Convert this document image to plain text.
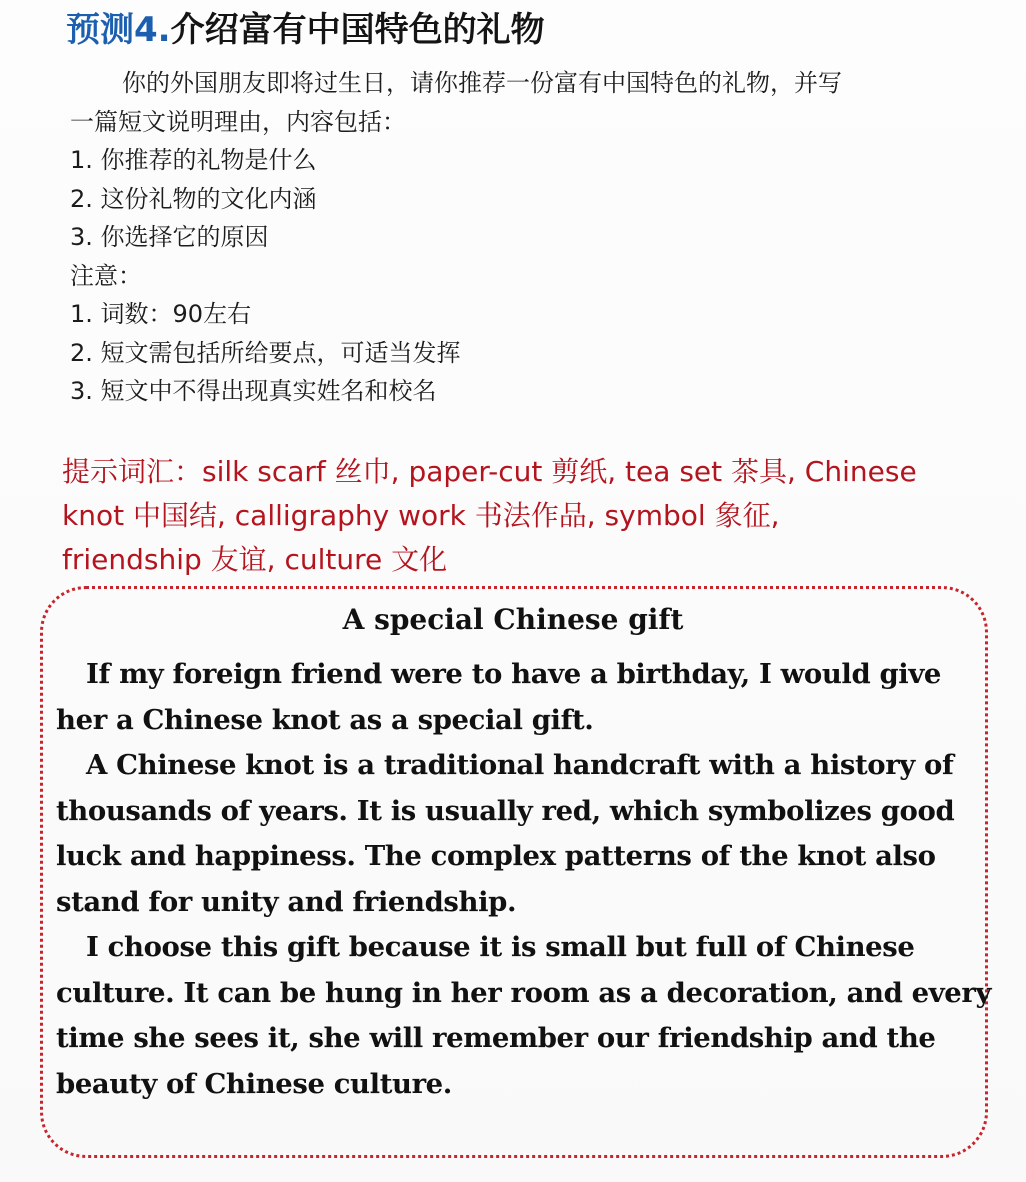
预测4.介绍富有中国特色的礼物
你的外国朋友即将过生日，请你推荐一份富有中国特色的礼物，并写
一篇短文说明理由，内容包括：
1. 你推荐的礼物是什么
2. 这份礼物的文化内涵
3. 你选择它的原因
注意：
1. 词数：90左右
2. 短文需包括所给要点，可适当发挥
3. 短文中不得出现真实姓名和校名
提示词汇：silk scarf 丝巾, paper-cut 剪纸, tea set 茶具, Chinese
knot 中国结, calligraphy work 书法作品, symbol 象征,
friendship 友谊, culture 文化
A special Chinese gift
If my foreign friend were to have a birthday, I would give
her a Chinese knot as a special gift.
A Chinese knot is a traditional handcraft with a history of
thousands of years. It is usually red, which symbolizes good
luck and happiness. The complex patterns of the knot also
stand for unity and friendship.
I choose this gift because it is small but full of Chinese
culture. It can be hung in her room as a decoration, and every
time she sees it, she will remember our friendship and the
beauty of Chinese culture.
